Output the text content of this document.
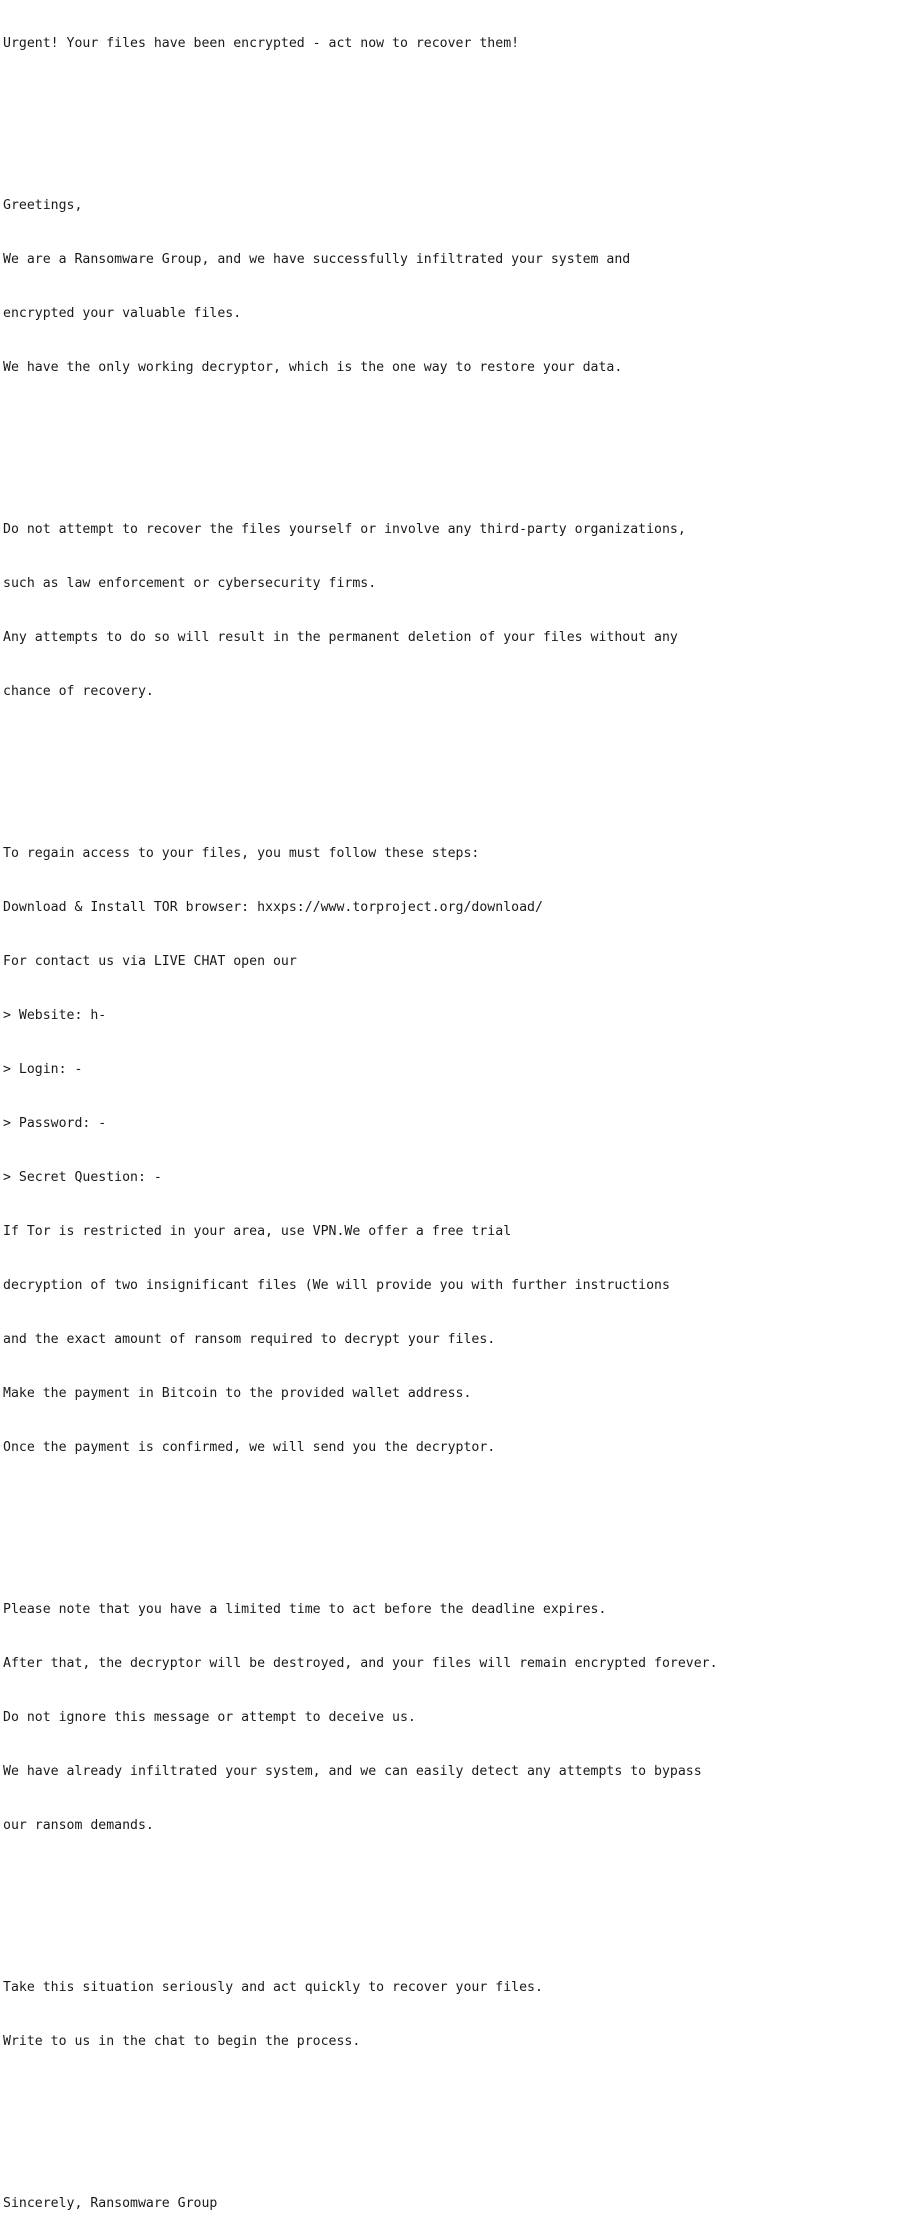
Urgent! Your files have been encrypted - act now to recover them!

Greetings,

We are a Ransomware Group, and we have successfully infiltrated your system and

encrypted your valuable files.

We have the only working decryptor, which is the one way to restore your data.

Do not attempt to recover the files yourself or involve any third-party organizations,

such as law enforcement or cybersecurity firms.

Any attempts to do so will result in the permanent deletion of your files without any

chance of recovery.

To regain access to your files, you must follow these steps:

Download & Install TOR browser: hxxps://www.torproject.org/download/

For contact us via LIVE CHAT open our

> Website: h-

> Login: -

> Password: -

> Secret Question: -

If Tor is restricted in your area, use VPN.We offer a free trial

decryption of two insignificant files (We will provide you with further instructions

and the exact amount of ransom required to decrypt your files.

Make the payment in Bitcoin to the provided wallet address.

Once the payment is confirmed, we will send you the decryptor.

Please note that you have a limited time to act before the deadline expires.

After that, the decryptor will be destroyed, and your files will remain encrypted forever.

Do not ignore this message or attempt to deceive us.

We have already infiltrated your system, and we can easily detect any attempts to bypass

our ransom demands.

Take this situation seriously and act quickly to recover your files.

Write to us in the chat to begin the process.

Sincerely, Ransomware Group
